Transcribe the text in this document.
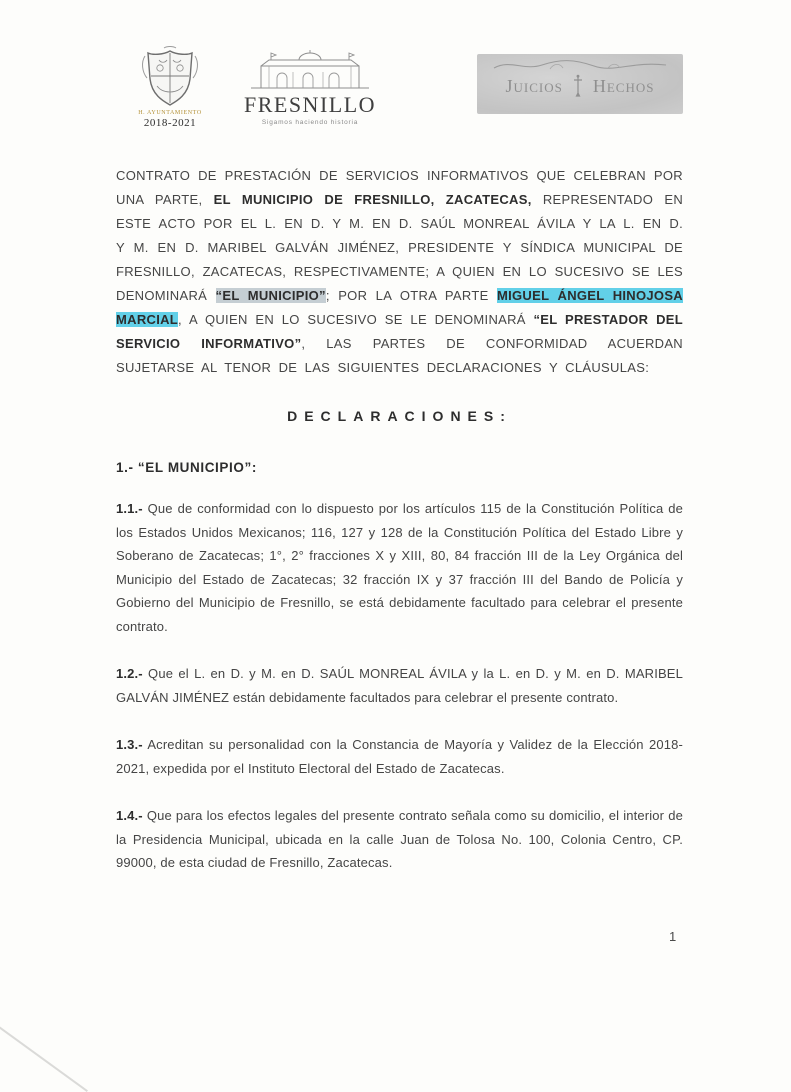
H. AYUNTAMIENTO
2018-2021
FRESNILLO
Sigamos haciendo historia
Juicios Hechos

CONTRATO DE PRESTACIÓN DE SERVICIOS INFORMATIVOS QUE CELEBRAN POR UNA PARTE, EL MUNICIPIO DE FRESNILLO, ZACATECAS, REPRESENTADO EN ESTE ACTO POR EL L. EN D. Y M. EN D. SAÚL MONREAL ÁVILA Y LA L. EN D. Y M. EN D. MARIBEL GALVÁN JIMÉNEZ, PRESIDENTE Y SÍNDICA MUNICIPAL DE FRESNILLO, ZACATECAS, RESPECTIVAMENTE; A QUIEN EN LO SUCESIVO SE LES DENOMINARÁ “EL MUNICIPIO”; POR LA OTRA PARTE MIGUEL ÁNGEL HINOJOSA MARCIAL, A QUIEN EN LO SUCESIVO SE LE DENOMINARÁ “EL PRESTADOR DEL SERVICIO INFORMATIVO”, LAS PARTES DE CONFORMIDAD ACUERDAN SUJETARSE AL TENOR DE LAS SIGUIENTES DECLARACIONES Y CLÁUSULAS:

DECLARACIONES:
1.- “EL MUNICIPIO”:

1.1.- Que de conformidad con lo dispuesto por los artículos 115 de la Constitución Política de los Estados Unidos Mexicanos; 116, 127 y 128 de la Constitución Política del Estado Libre y Soberano de Zacatecas; 1°, 2° fracciones X y XIII, 80, 84 fracción III de la Ley Orgánica del Municipio del Estado de Zacatecas; 32 fracción IX y 37 fracción III del Bando de Policía y Gobierno del Municipio de Fresnillo, se está debidamente facultado para celebrar el presente contrato.

1.2.- Que el L. en D. y M. en D. SAÚL MONREAL ÁVILA y la L. en D. y M. en D. MARIBEL GALVÁN JIMÉNEZ están debidamente facultados para celebrar el presente contrato.

1.3.- Acreditan su personalidad con la Constancia de Mayoría y Validez de la Elección 2018-2021, expedida por el Instituto Electoral del Estado de Zacatecas.

1.4.- Que para los efectos legales del presente contrato señala como su domicilio, el interior de la Presidencia Municipal, ubicada en la calle Juan de Tolosa No. 100, Colonia Centro, CP. 99000, de esta ciudad de Fresnillo, Zacatecas.

1
